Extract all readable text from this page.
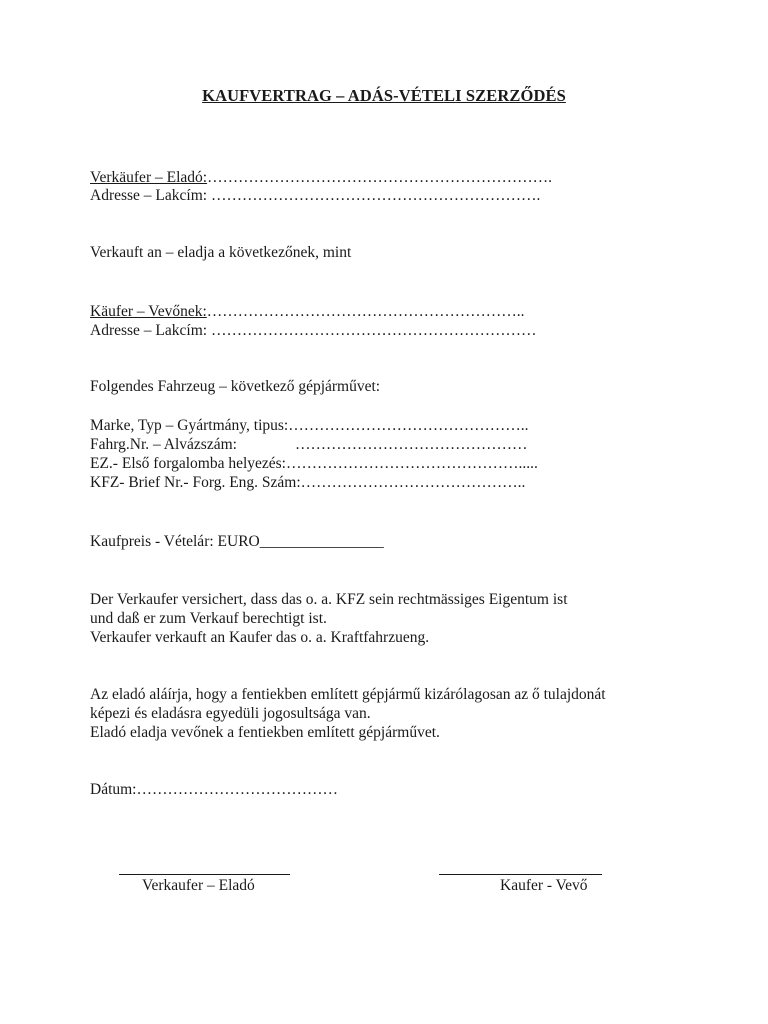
KAUFVERTRAG – ADÁS-VÉTELI SZERZŐDÉS
Verkäufer – Eladó:………………………………………………………….
Adresse – Lakcím: ……………………………………………………….
Verkauft an – eladja a következőnek, mint
Käufer – Vevőnek:……………………………………………………..
Adresse – Lakcím: ………………………………………………………
Folgendes Fahrzeug – következő gépjárművet:
Marke, Typ – Gyártmány, tipus:………………………………………..
Fahrg.Nr. – Alvázszám:	………………………………………
EZ.- Első forgalomba helyezés:……………………………………….....
KFZ- Brief Nr.- Forg. Eng. Szám:……………………………………..
Kaufpreis - Vételár: EURO________________
Der Verkaufer versichert, dass das o. a. KFZ sein rechtmässiges Eigentum ist
und daß er zum Verkauf berechtigt ist.
Verkaufer verkauft an Kaufer das o. a. Kraftfahrzueng.
Az eladó aláírja, hogy a fentiekben említett gépjármű kizárólagosan az ő tulajdonát
képezi és eladásra egyedüli jogosultsága van.
Eladó eladja vevőnek a fentiekben említett gépjárművet.
Dátum:…………………………………
Verkaufer – Eladó	Kaufer - Vevő
